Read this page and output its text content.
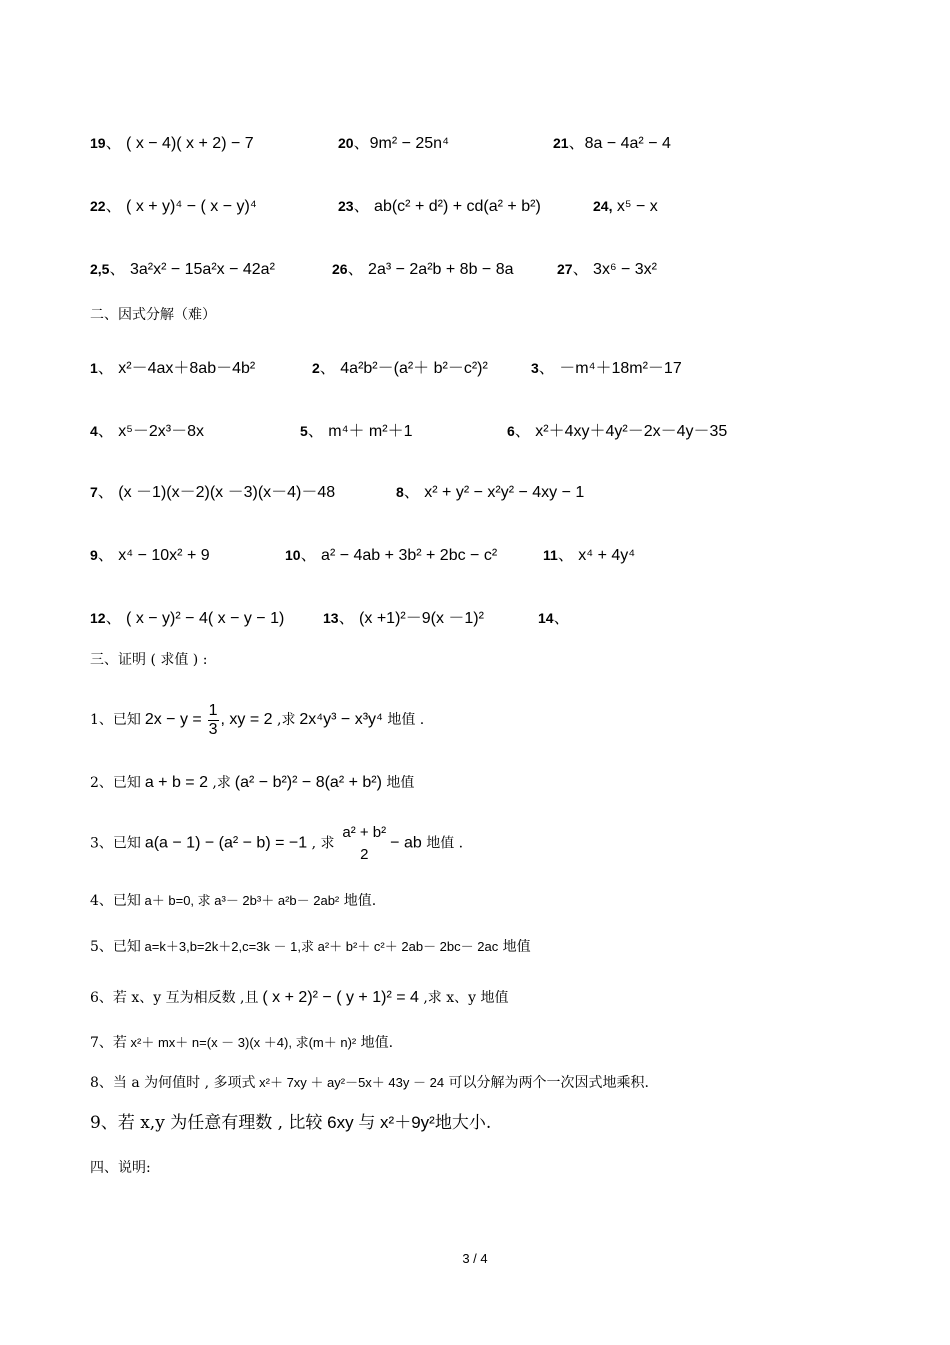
19、 ( x − 4)( x + 2) − 7	20、9m² − 25n⁴	21、8a − 4a² − 4
22、 ( x + y)⁴ − ( x − y)⁴	23、 ab(c² + d²) + cd(a² + b²)	24, x⁵ − x
2,5、 3a²x² − 15a²x − 42a²	26、 2a³ − 2a²b + 8b − 8a	27、 3x⁶ − 3x²
二、因式分解（难）
1、 x²－4ax＋8ab－4b²	2、 4a²b²－(a²＋ b²－c²)²	3、 －m⁴＋18m²－17
4、 x⁵－2x³－8x	5、 m⁴＋ m²＋1	6、 x²＋4xy＋4y²－2x－4y－35
7、 (x －1)(x－2)(x －3)(x－4)－48	8、 x² + y² − x²y² − 4xy − 1
9、 x⁴ − 10x² + 9	10、 a² − 4ab + 3b² + 2bc − c²	11、 x⁴ + 4y⁴
12、 ( x − y)² − 4( x − y − 1)	13、 (x +1)²－9(x －1)²	14、
三、证明 ( 求值 ) :
1、已知 $2x - y = \frac{1}{3}$ , xy = 2 ,求 2x⁴y³ − x³y⁴ 地值 .
2、已知 a + b = 2 ,求 (a² − b²)² − 8(a² + b²) 地值
3、已知 a(a − 1) − (a² − b) = −1 , 求
a² + b²
2
− ab 地值 .
4、已知 a＋ b=0, 求 a³－ 2b³＋ a²b－ 2ab² 地值.
5、已知 a=k＋3,b=2k＋2,c=3k － 1,求 a²＋ b²＋ c²＋ 2ab－ 2bc－ 2ac 地值
6、若 x、y 互为相反数 ,且 ( x + 2)² − ( y + 1)² = 4 ,求 x、y 地值
7、若 x²＋ mx＋ n=(x － 3)(x ＋4), 求(m＋ n)² 地值.
8、当 a 为何值时 , 多项式 x²＋ 7xy ＋ ay²－5x＋ 43y － 24 可以分解为两个一次因式地乘积.
9、若 x,y 为任意有理数 , 比较 6xy 与 x²＋9y²地大小.
四、说明:
3 / 4
